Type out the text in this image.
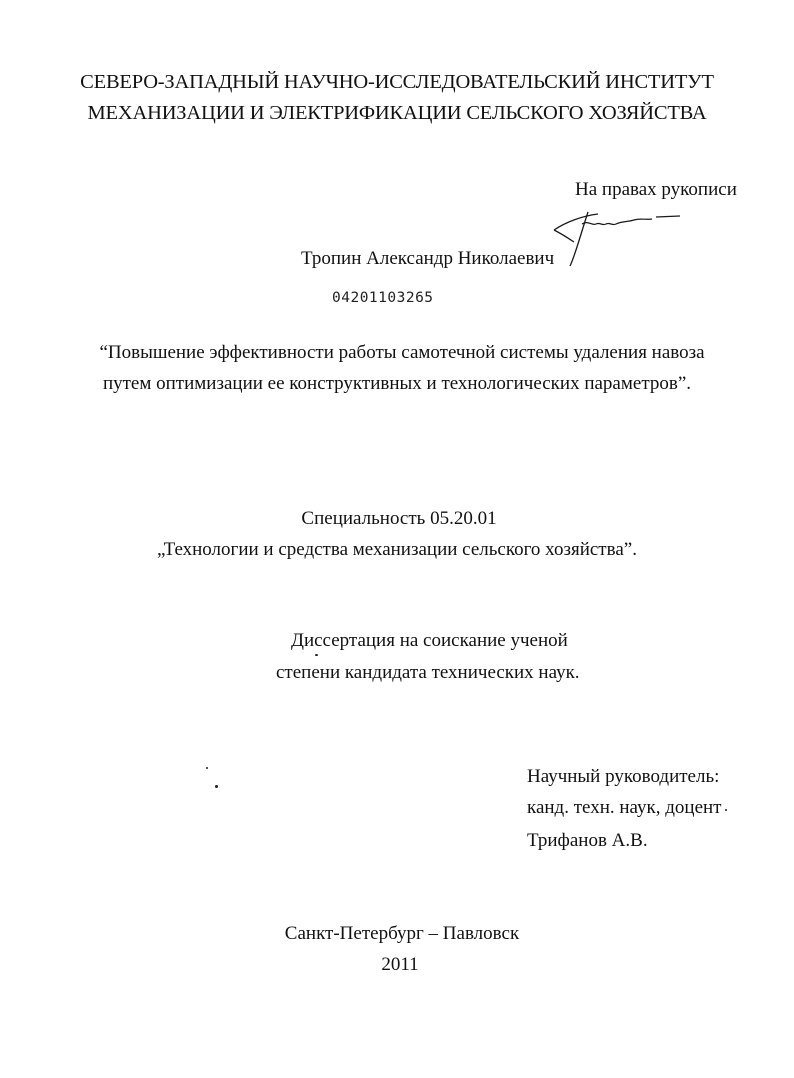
СЕВЕРО-ЗАПАДНЫЙ НАУЧНО-ИССЛЕДОВАТЕЛЬСКИЙ ИНСТИТУТ
МЕХАНИЗАЦИИ И ЭЛЕКТРИФИКАЦИИ СЕЛЬСКОГО ХОЗЯЙСТВА
На правах рукописи
Тропин Александр Николаевич
04201103265
“Повышение эффективности работы самотечной системы удаления навоза
путем оптимизации ее конструктивных и технологических параметров”.
Специальность 05.20.01
„Технологии и средства механизации сельского хозяйства”.
Диссертация на соискание ученой
степени кандидата технических наук.
Научный руководитель:
канд. техн. наук, доцент
Трифанов А.В.
Санкт-Петербург – Павловск
2011
